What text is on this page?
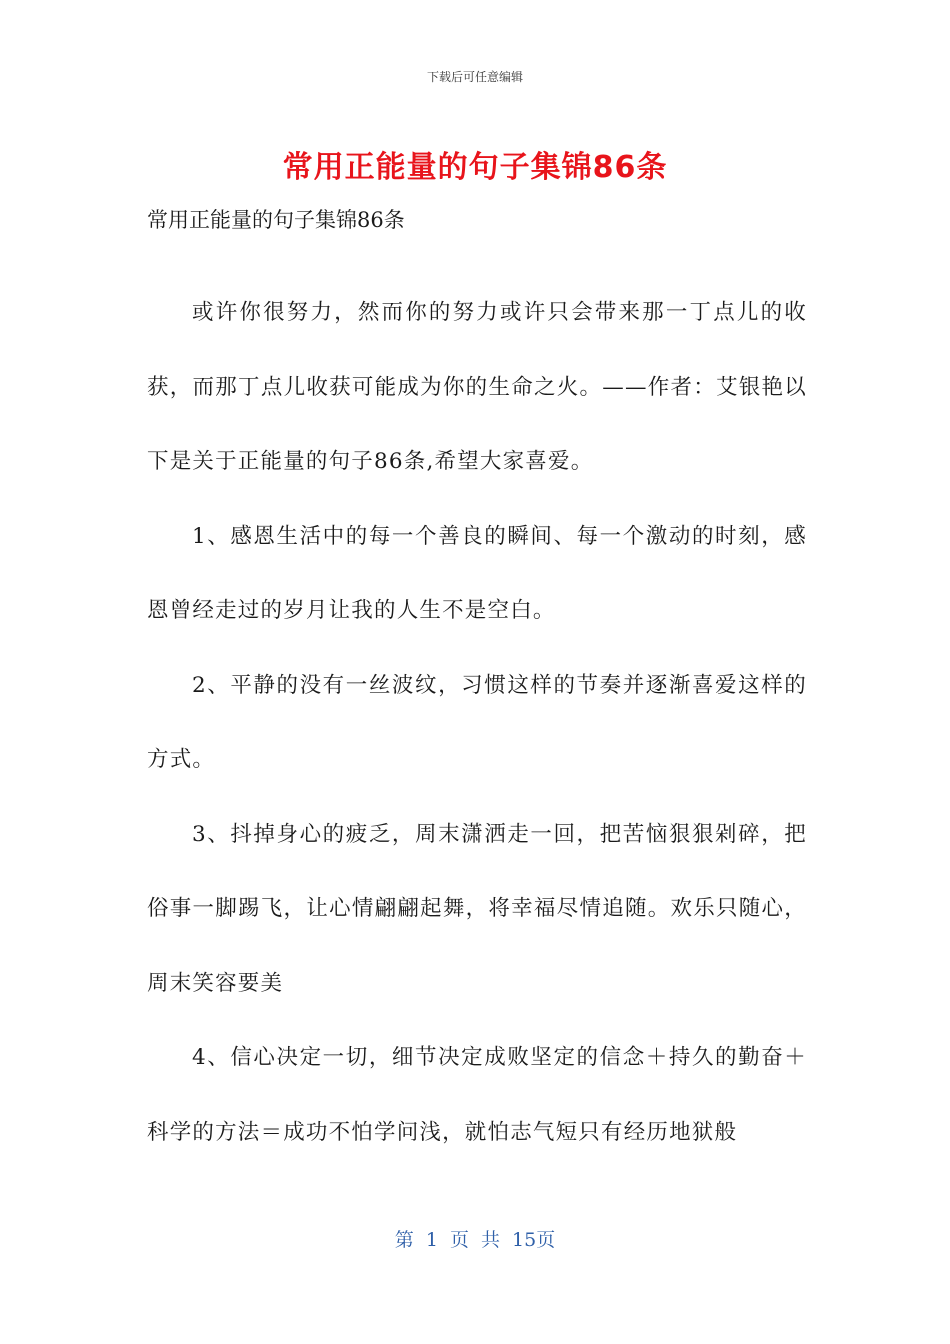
下载后可任意编辑
常用正能量的句子集锦86条

常用正能量的句子集锦86条

或许你很努力，然而你的努力或许只会带来那一丁点儿的收获，而那丁点儿收获可能成为你的生命之火。——作者：艾银艳以下是关于正能量的句子86条,希望大家喜爱。

1、感恩生活中的每一个善良的瞬间、每一个激动的时刻，感恩曾经走过的岁月让我的人生不是空白。

2、平静的没有一丝波纹，习惯这样的节奏并逐渐喜爱这样的方式。

3、抖掉身心的疲乏，周末潇洒走一回，把苦恼狠狠剁碎，把俗事一脚踢飞，让心情翩翩起舞，将幸福尽情追随。欢乐只随心，周末笑容要美

4、信心决定一切，细节决定成败坚定的信念＋持久的勤奋＋科学的方法＝成功不怕学问浅，就怕志气短只有经历地狱般

第 1 页 共 15页
